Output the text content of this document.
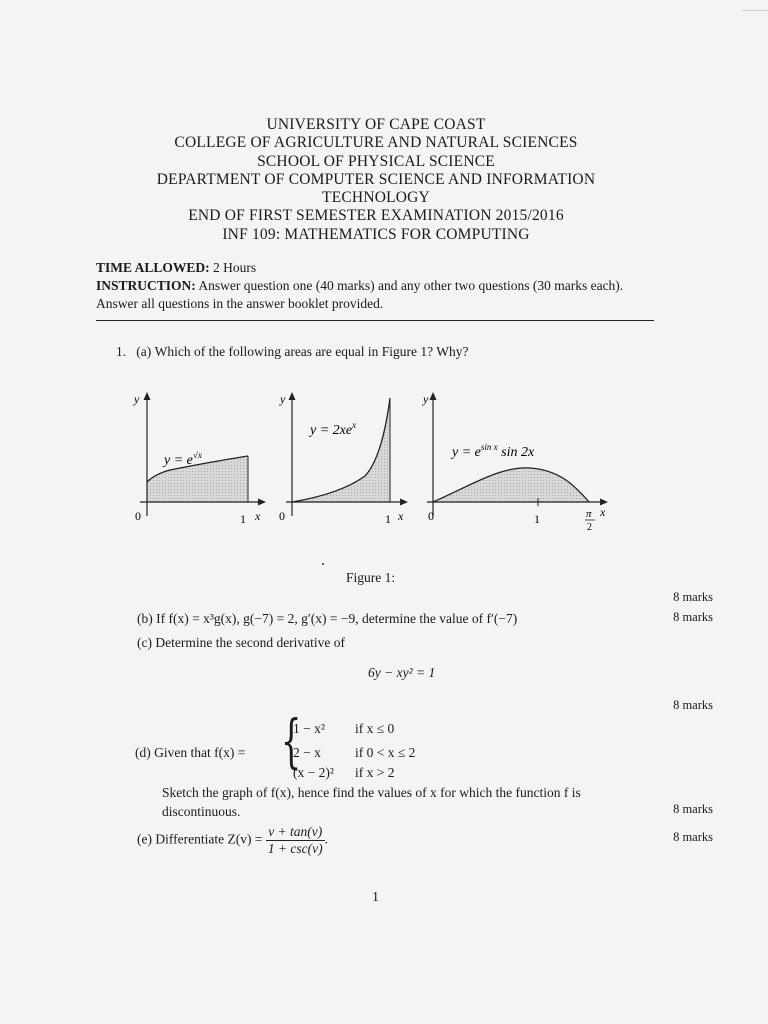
UNIVERSITY OF CAPE COAST
COLLEGE OF AGRICULTURE AND NATURAL SCIENCES
SCHOOL OF PHYSICAL SCIENCE
DEPARTMENT OF COMPUTER SCIENCE AND INFORMATION
TECHNOLOGY
END OF FIRST SEMESTER EXAMINATION 2015/2016
INF 109: MATHEMATICS FOR COMPUTING
TIME ALLOWED: 2 Hours
INSTRUCTION: Answer question one (40 marks) and any other two questions (30 marks each). Answer all questions in the answer booklet provided.
1. (a) Which of the following areas are equal in Figure 1? Why?
y
0	1 x
$y = e^{√x}$
y
0	1 x
$y = 2xe^x$
y
0	1	π
2
x
$y = e^{sin x}$ sin 2x
Figure 1:
8 marks
8 marks
(b) If f(x) = x³g(x), g(−7) = 2, g′(x) = −9, determine the value of f′(−7)
(c) Determine the second derivative of
6y − xy² = 1
8 marks
(d) Given that f(x) = {
1 − x² if x ≤ 0
2 − x	if 0 < x ≤ 2
(x − 2)² if x > 2
Sketch the graph of f(x), hence find the values of x for which the function f is
discontinuous.	8 marks
(e) Differentiate $Z(v) = \frac{v + \tan(v)}{1 + \csc(v)}$ .	8 marks
1
